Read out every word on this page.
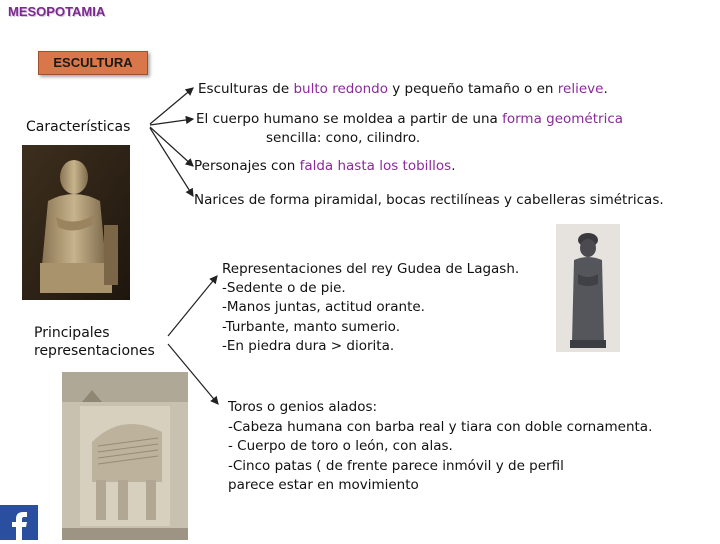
MESOPOTAMIA
ESCULTURA
Características
Esculturas de bulto redondo y pequeño tamaño o en relieve.
El cuerpo humano se moldea a partir de una forma geométrica
sencilla: cono, cilindro.
Personajes con falda hasta los tobillos.
Narices de forma piramidal, bocas rectilíneas y cabelleras simétricas.
Principales
representaciones
Representaciones del rey Gudea de Lagash.
-Sedente o de pie.
-Manos juntas, actitud orante.
-Turbante, manto sumerio.
-En piedra dura > diorita.
Toros o genios alados:
-Cabeza humana con barba real y tiara con doble cornamenta.
- Cuerpo de toro o león, con alas.
-Cinco patas ( de frente parece inmóvil y de perfil
parece estar en movimiento
